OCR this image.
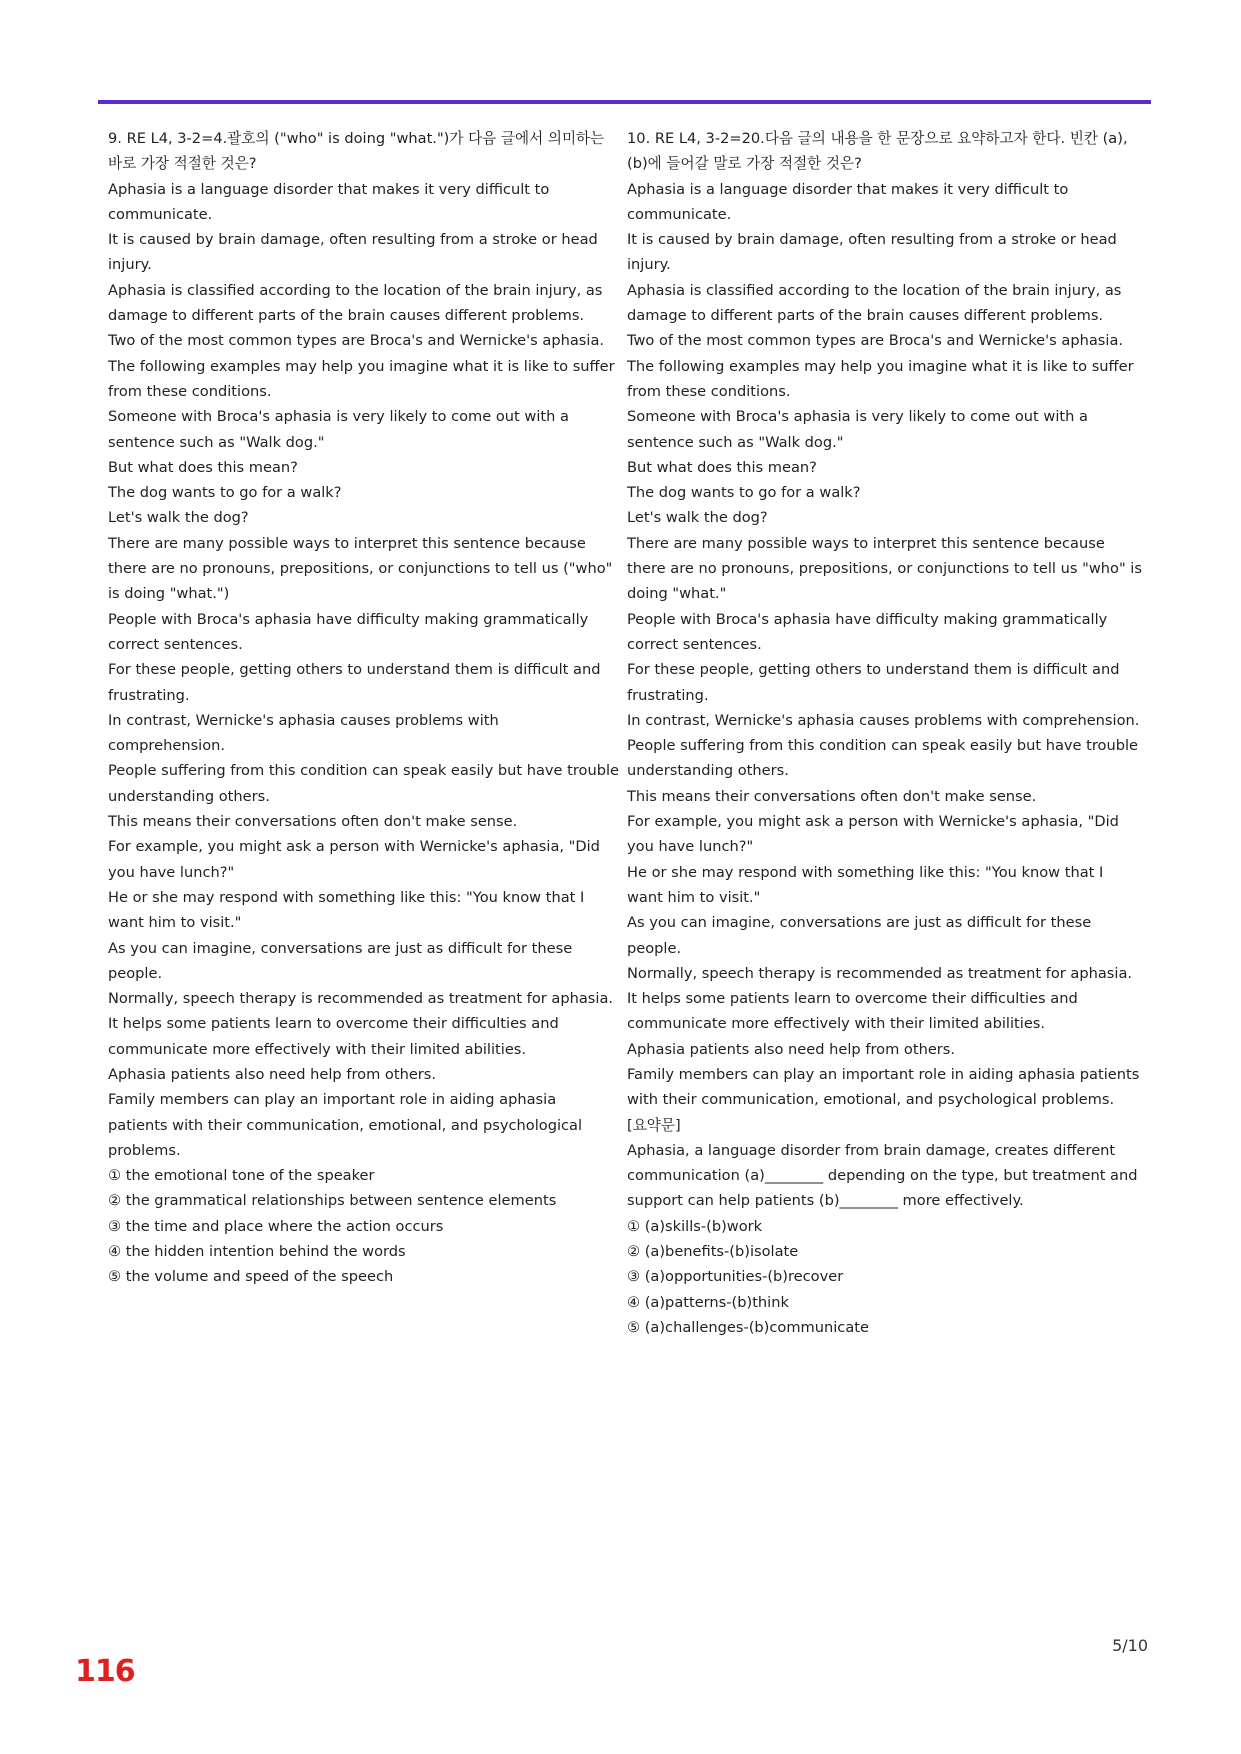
9. RE L4, 3-2=4.괄호의 ("who" is doing "what.")가 다음 글에서 의미하는 바로 가장 적절한 것은?

Aphasia is a language disorder that makes it very difficult to communicate.

It is caused by brain damage, often resulting from a stroke or head injury.

Aphasia is classified according to the location of the brain injury, as damage to different parts of the brain causes different problems.

Two of the most common types are Broca's and Wernicke's aphasia.

The following examples may help you imagine what it is like to suffer from these conditions.

Someone with Broca's aphasia is very likely to come out with a sentence such as "Walk dog."

But what does this mean?

The dog wants to go for a walk?

Let's walk the dog?

There are many possible ways to interpret this sentence because there are no pronouns, prepositions, or conjunctions to tell us ("who" is doing "what.")

People with Broca's aphasia have difficulty making grammatically correct sentences.

For these people, getting others to understand them is difficult and frustrating.

In contrast, Wernicke's aphasia causes problems with comprehension.

People suffering from this condition can speak easily but have trouble understanding others.

This means their conversations often don't make sense.

For example, you might ask a person with Wernicke's aphasia, "Did you have lunch?"

He or she may respond with something like this: "You know that I want him to visit."

As you can imagine, conversations are just as difficult for these people.

Normally, speech therapy is recommended as treatment for aphasia.

It helps some patients learn to overcome their difficulties and communicate more effectively with their limited abilities.

Aphasia patients also need help from others.

Family members can play an important role in aiding aphasia patients with their communication, emotional, and psychological problems.

① the emotional tone of the speaker

② the grammatical relationships between sentence elements

③ the time and place where the action occurs

④ the hidden intention behind the words

⑤ the volume and speed of the speech

10. RE L4, 3-2=20.다음 글의 내용을 한 문장으로 요약하고자 한다. 빈칸 (a), (b)에 들어갈 말로 가장 적절한 것은?

Aphasia is a language disorder that makes it very difficult to communicate.

It is caused by brain damage, often resulting from a stroke or head injury.

Aphasia is classified according to the location of the brain injury, as damage to different parts of the brain causes different problems.

Two of the most common types are Broca's and Wernicke's aphasia.

The following examples may help you imagine what it is like to suffer from these conditions.

Someone with Broca's aphasia is very likely to come out with a sentence such as "Walk dog."

But what does this mean?

The dog wants to go for a walk?

Let's walk the dog?

There are many possible ways to interpret this sentence because there are no pronouns, prepositions, or conjunctions to tell us "who" is doing "what."

People with Broca's aphasia have difficulty making grammatically correct sentences.

For these people, getting others to understand them is difficult and frustrating.

In contrast, Wernicke's aphasia causes problems with comprehension.

People suffering from this condition can speak easily but have trouble understanding others.

This means their conversations often don't make sense.

For example, you might ask a person with Wernicke's aphasia, "Did you have lunch?"

He or she may respond with something like this: "You know that I want him to visit."

As you can imagine, conversations are just as difficult for these people.

Normally, speech therapy is recommended as treatment for aphasia.

It helps some patients learn to overcome their difficulties and communicate more effectively with their limited abilities.

Aphasia patients also need help from others.

Family members can play an important role in aiding aphasia patients with their communication, emotional, and psychological problems.

[요약문]

Aphasia, a language disorder from brain damage, creates different communication (a)________ depending on the type, but treatment and support can help patients (b)________ more effectively.

① (a)skills-(b)work

② (a)benefits-(b)isolate

③ (a)opportunities-(b)recover

④ (a)patterns-(b)think

⑤ (a)challenges-(b)communicate

5/10
116
